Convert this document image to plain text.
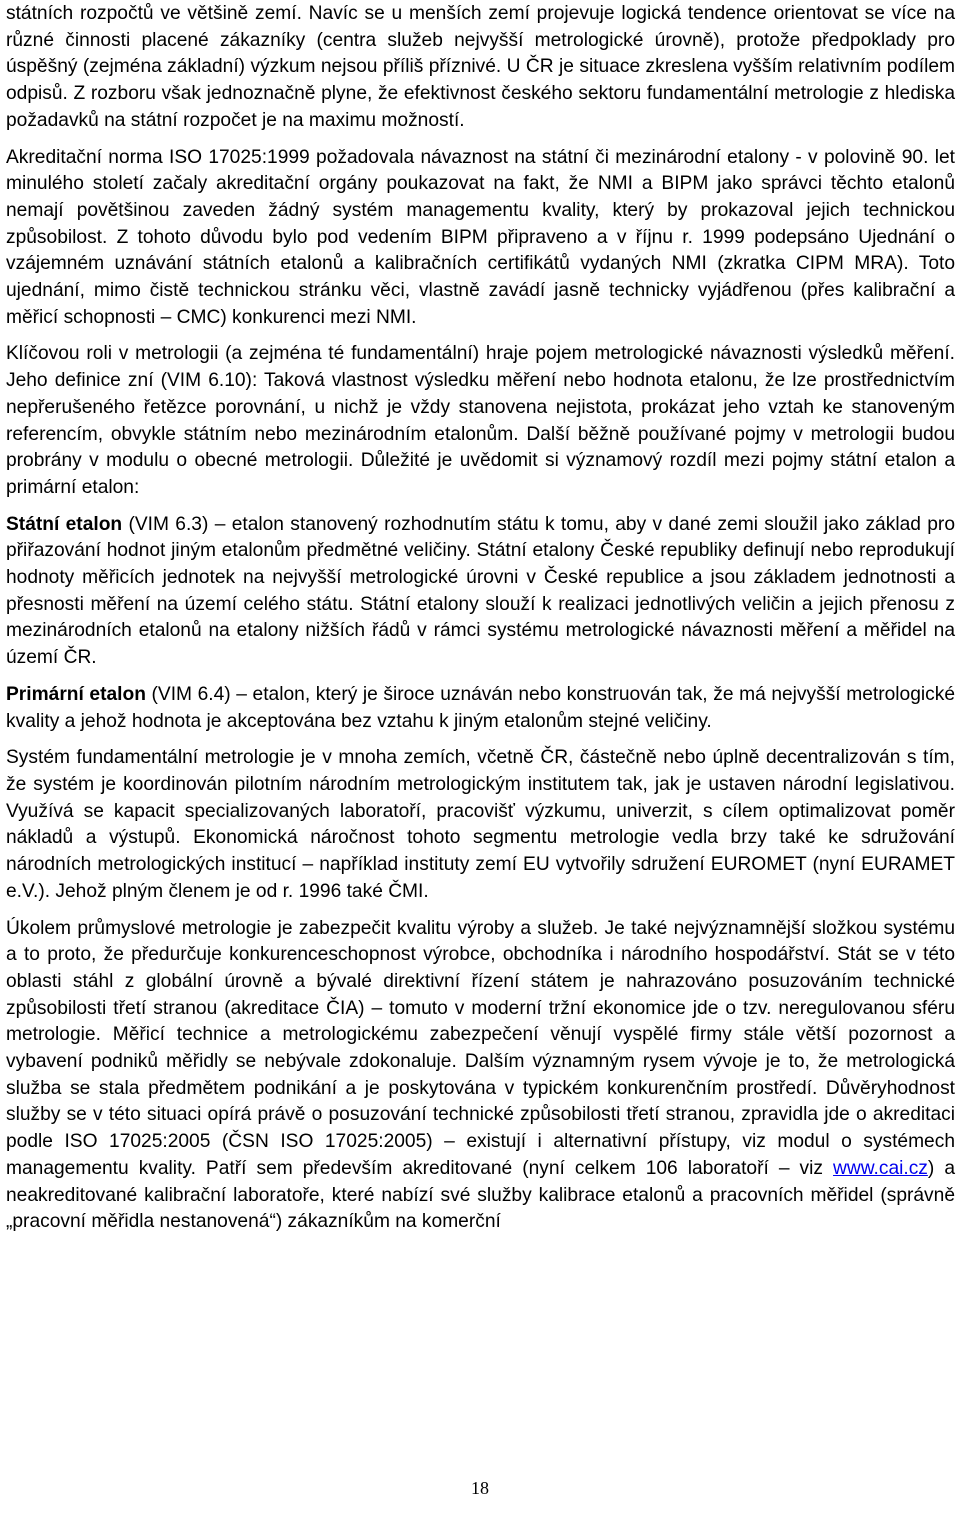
státních rozpočtů ve většině zemí. Navíc se u menších zemí projevuje logická tendence orientovat se více na různé činnosti placené zákazníky (centra služeb nejvyšší metrologické úrovně), protože předpoklady pro úspěšný (zejména základní) výzkum nejsou příliš příznivé. U ČR je situace zkreslena vyšším relativním podílem odpisů. Z rozboru však jednoznačně plyne, že efektivnost českého sektoru fundamentální metrologie z hlediska požadavků na státní rozpočet je na maximu možností.

Akreditační norma ISO 17025:1999 požadovala návaznost na státní či mezinárodní etalony - v polovině 90. let minulého století začaly akreditační orgány poukazovat na fakt, že NMI a BIPM jako správci těchto etalonů nemají povětšinou zaveden žádný systém managementu kvality, který by prokazoval jejich technickou způsobilost. Z tohoto důvodu bylo pod vedením BIPM připraveno a v říjnu r. 1999 podepsáno Ujednání o vzájemném uznávání státních etalonů a kalibračních certifikátů vydaných NMI (zkratka CIPM MRA). Toto ujednání, mimo čistě technickou stránku věci, vlastně zavádí jasně technicky vyjádřenou (přes kalibrační a měřicí schopnosti – CMC) konkurenci mezi NMI.

Klíčovou roli v metrologii (a zejména té fundamentální) hraje pojem metrologické návaznosti výsledků měření. Jeho definice zní (VIM 6.10): Taková vlastnost výsledku měření nebo hodnota etalonu, že lze prostřednictvím nepřerušeného řetězce porovnání, u nichž je vždy stanovena nejistota, prokázat jeho vztah ke stanoveným referencím, obvykle státním nebo mezinárodním etalonům. Další běžně používané pojmy v metrologii budou probrány v modulu o obecné metrologii. Důležité je uvědomit si významový rozdíl mezi pojmy státní etalon a primární etalon:

Státní etalon (VIM 6.3) – etalon stanovený rozhodnutím státu k tomu, aby v dané zemi sloužil jako základ pro přiřazování hodnot jiným etalonům předmětné veličiny. Státní etalony České republiky definují nebo reprodukují hodnoty měřicích jednotek na nejvyšší metrologické úrovni v České republice a jsou základem jednotnosti a přesnosti měření na území celého státu. Státní etalony slouží k realizaci jednotlivých veličin a jejich přenosu z mezinárodních etalonů na etalony nižších řádů v rámci systému metrologické návaznosti měření a měřidel na území ČR.

Primární etalon (VIM 6.4) – etalon, který je široce uznáván nebo konstruován tak, že má nejvyšší metrologické kvality a jehož hodnota je akceptována bez vztahu k jiným etalonům stejné veličiny.

Systém fundamentální metrologie je v mnoha zemích, včetně ČR, částečně nebo úplně decentralizován s tím, že systém je koordinován pilotním národním metrologickým institutem tak, jak je ustaven národní legislativou. Využívá se kapacit specializovaných laboratoří, pracovišť výzkumu, univerzit, s cílem optimalizovat poměr nákladů a výstupů. Ekonomická náročnost tohoto segmentu metrologie vedla brzy také ke sdružování národních metrologických institucí – například instituty zemí EU vytvořily sdružení EUROMET (nyní EURAMET e.V.). Jehož plným členem je od r. 1996 také ČMI.

Úkolem průmyslové metrologie je zabezpečit kvalitu výroby a služeb. Je také nejvýznamnější složkou systému a to proto, že předurčuje konkurenceschopnost výrobce, obchodníka i národního hospodářství. Stát se v této oblasti stáhl z globální úrovně a bývalé direktivní řízení státem je nahrazováno posuzováním technické způsobilosti třetí stranou (akreditace ČIA) – tomuto v moderní tržní ekonomice jde o tzv. neregulovanou sféru metrologie. Měřicí technice a metrologickému zabezpečení věnují vyspělé firmy stále větší pozornost a vybavení podniků měřidly se nebývale zdokonaluje. Dalším významným rysem vývoje je to, že metrologická služba se stala předmětem podnikání a je poskytována v typickém konkurenčním prostředí. Důvěryhodnost služby se v této situaci opírá právě o posuzování technické způsobilosti třetí stranou, zpravidla jde o akreditaci podle ISO 17025:2005 (ČSN ISO 17025:2005) – existují i alternativní přístupy, viz modul o systémech managementu kvality. Patří sem především akreditované (nyní celkem 106 laboratoří – viz www.cai.cz) a neakreditované kalibrační laboratoře, které nabízí své služby kalibrace etalonů a pracovních měřidel (správně „pracovní měřidla nestanovená“) zákazníkům na komerční

18
